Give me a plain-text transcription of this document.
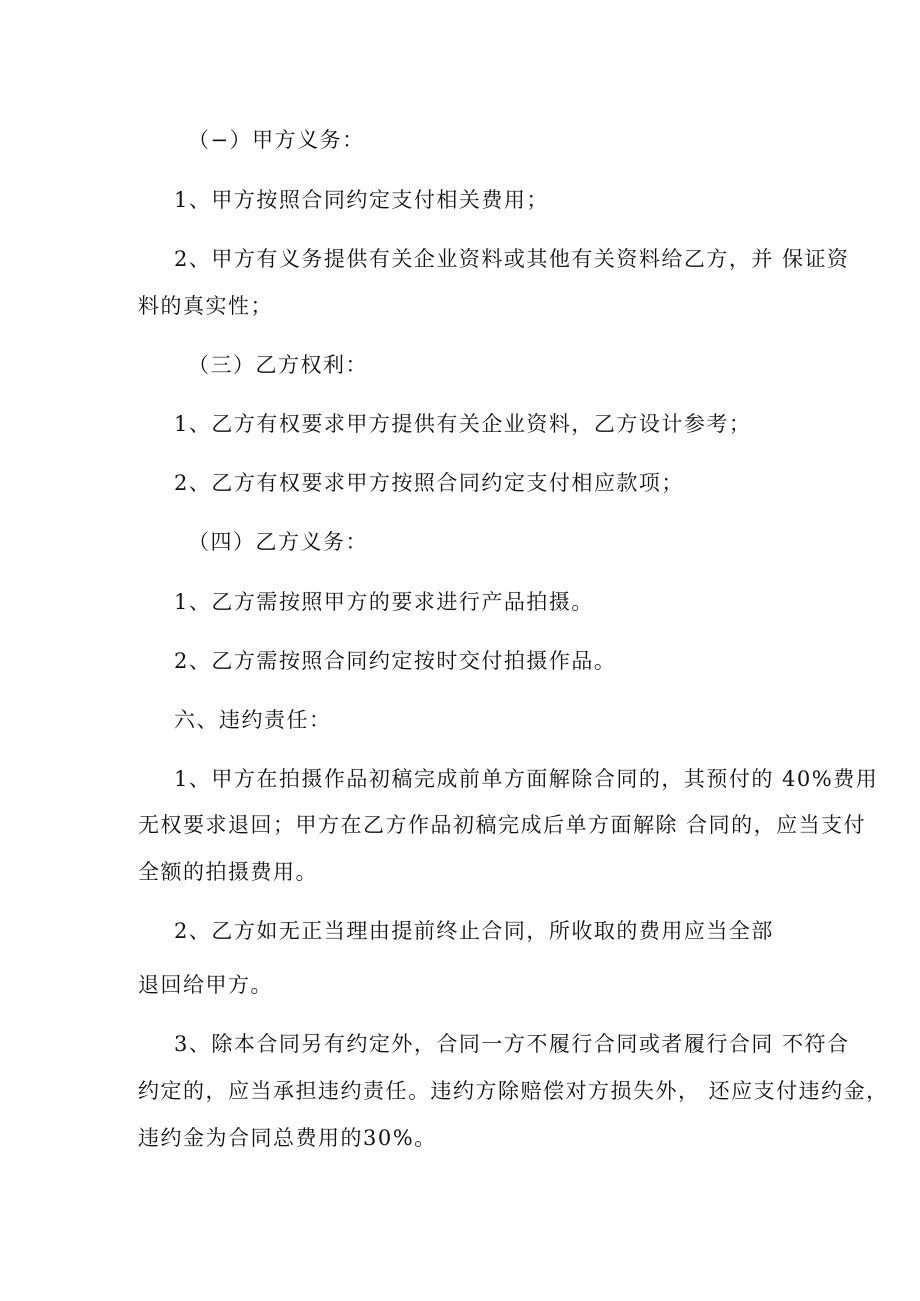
（−）甲方义务：
1、甲方按照合同约定支付相关费用；
2、甲方有义务提供有关企业资料或其他有关资料给乙方，并 保证资
料的真实性；
（三）乙方权利：
1、乙方有权要求甲方提供有关企业资料，乙方设计参考；
2、乙方有权要求甲方按照合同约定支付相应款项；
（四）乙方义务：
1、乙方需按照甲方的要求进行产品拍摄。
2、乙方需按照合同约定按时交付拍摄作品。
六、违约责任：
1、甲方在拍摄作品初稿完成前单方面解除合同的，其预付的 40%费用
无权要求退回；甲方在乙方作品初稿完成后单方面解除 合同的，应当支付
全额的拍摄费用。
2、乙方如无正当理由提前终止合同，所收取的费用应当全部
退回给甲方。
3、除本合同另有约定外，合同一方不履行合同或者履行合同 不符合
约定的，应当承担违约责任。违约方除赔偿对方损失外， 还应支付违约金，
违约金为合同总费用的30%。
